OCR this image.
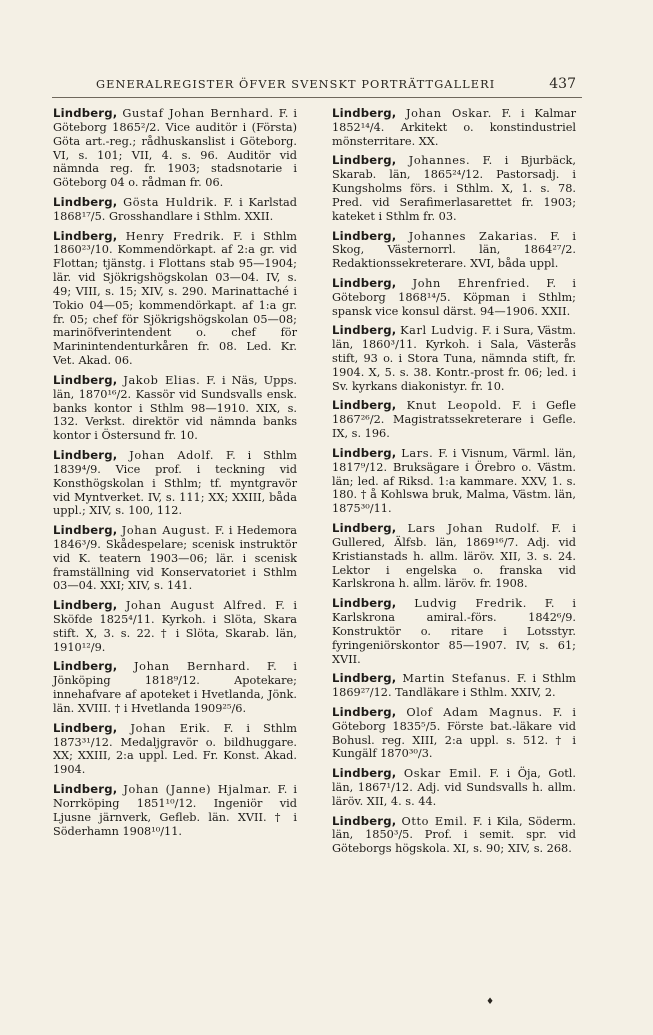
GENERALREGISTER ÖFVER SVENSKT PORTRÄTTGALLERI	437

Lindberg, Gustaf Johan Bernhard. F. i Göteborg 1865²/2. Vice auditör i (Första) Göta art.-reg.; rådhuskanslist i Göteborg. VI, s. 101; VII, 4. s. 96. Auditör vid nämnda reg. fr. 1903; stadsnotarie i Göteborg 04 o. rådman fr. 06.

Lindberg, Gösta Huldrik. F. i Karlstad 1868¹⁷/5. Grosshandlare i Sthlm. XXII.

Lindberg, Henry Fredrik. F. i Sthlm 1860²³/10. Kommendörkapt. af 2:a gr. vid Flottan; tjänstg. i Flottans stab 95—1904; lär. vid Sjökrigshögskolan 03—04. IV, s. 49; VIII, s. 15; XIV, s. 290. Marinattaché i Tokio 04—05; kommendörkapt. af 1:a gr. fr. 05; chef för Sjökrigshögskolan 05—08; marinöfverintendent o. chef för Marinintendenturkåren fr. 08. Led. Kr. Vet. Akad. 06.

Lindberg, Jakob Elias. F. i Näs, Upps. län, 1870¹⁶/2. Kassör vid Sundsvalls ensk. banks kontor i Sthlm 98—1910. XIX, s. 132. Verkst. direktör vid nämnda banks kontor i Östersund fr. 10.

Lindberg, Johan Adolf. F. i Sthlm 1839⁴/9. Vice prof. i teckning vid Konsthögskolan i Sthlm; tf. myntgravör vid Myntverket. IV, s. 111; XX; XXIII, båda uppl.; XIV, s. 100, 112.

Lindberg, Johan August. F. i Hedemora 1846³/9. Skådespelare; scenisk instruktör vid K. teatern 1903—06; lär. i scenisk framställning vid Konservatoriet i Sthlm 03—04. XXI; XIV, s. 141.

Lindberg, Johan August Alfred. F. i Sköfde 1825⁴/11. Kyrkoh. i Slöta, Skara stift. X, 3. s. 22. † i Slöta, Skarab. län, 1910¹²/9.

Lindberg, Johan Bernhard. F. i Jönköping 1818⁹/12. Apotekare; innehafvare af apoteket i Hvetlanda, Jönk. län. XVIII. † i Hvetlanda 1909²⁵/6.

Lindberg, Johan Erik. F. i Sthlm 1873³¹/12. Medaljgravör o. bildhuggare. XX; XXIII, 2:a uppl. Led. Fr. Konst. Akad. 1904.

Lindberg, Johan (Janne) Hjalmar. F. i Norrköping 1851¹⁰/12. Ingeniör vid Ljusne järnverk, Gefleb. län. XVII. † i Söderhamn 1908¹⁰/11.

Lindberg, Johan Oskar. F. i Kalmar 1852¹⁴/4. Arkitekt o. konstindustriel mönsterritare. XX.

Lindberg, Johannes. F. i Bjurbäck, Skarab. län, 1865²⁴/12. Pastorsadj. i Kungsholms förs. i Sthlm. X, 1. s. 78. Pred. vid Serafimerlasarettet fr. 1903; kateket i Sthlm fr. 03.

Lindberg, Johannes Zakarias. F. i Skog, Västernorrl. län, 1864²⁷/2. Redaktionssekreterare. XVI, båda uppl.

Lindberg, John Ehrenfried. F. i Göteborg 1868¹⁴/5. Köpman i Sthlm; spansk vice konsul därst. 94—1906. XXII.

Lindberg, Karl Ludvig. F. i Sura, Västm. län, 1860³/11. Kyrkoh. i Sala, Västerås stift, 93 o. i Stora Tuna, nämnda stift, fr. 1904. X, 5. s. 38. Kontr.-prost fr. 06; led. i Sv. kyrkans diakonistyr. fr. 10.

Lindberg, Knut Leopold. F. i Gefle 1867²⁶/2. Magistratssekreterare i Gefle. IX, s. 196.

Lindberg, Lars. F. i Visnum, Värml. län, 1817⁹/12. Bruksägare i Örebro o. Västm. län; led. af Riksd. 1:a kammare. XXV, 1. s. 180. † å Kohlswa bruk, Malma, Västm. län, 1875³⁰/11.

Lindberg, Lars Johan Rudolf. F. i Gullered, Älfsb. län, 1869¹⁶/7. Adj. vid Kristianstads h. allm. läröv. XII, 3. s. 24. Lektor i engelska o. franska vid Karlskrona h. allm. läröv. fr. 1908.

Lindberg, Ludvig Fredrik. F. i Karlskrona amiral.-förs. 1842⁶/9. Konstruktör o. ritare i Lotsstyr. fyringeniörskontor 85—1907. IV, s. 61; XVII.

Lindberg, Martin Stefanus. F. i Sthlm 1869²⁷/12. Tandläkare i Sthlm. XXIV, 2.

Lindberg, Olof Adam Magnus. F. i Göteborg 1835⁵/5. Förste bat.-läkare vid Bohusl. reg. XIII, 2:a uppl. s. 512. † i Kungälf 1870³⁰/3.

Lindberg, Oskar Emil. F. i Öja, Gotl. län, 1867¹/12. Adj. vid Sundsvalls h. allm. läröv. XII, 4. s. 44.

Lindberg, Otto Emil. F. i Kila, Söderm. län, 1850³/5. Prof. i semit. spr. vid Göteborgs högskola. XI, s. 90; XIV, s. 268.

♦
